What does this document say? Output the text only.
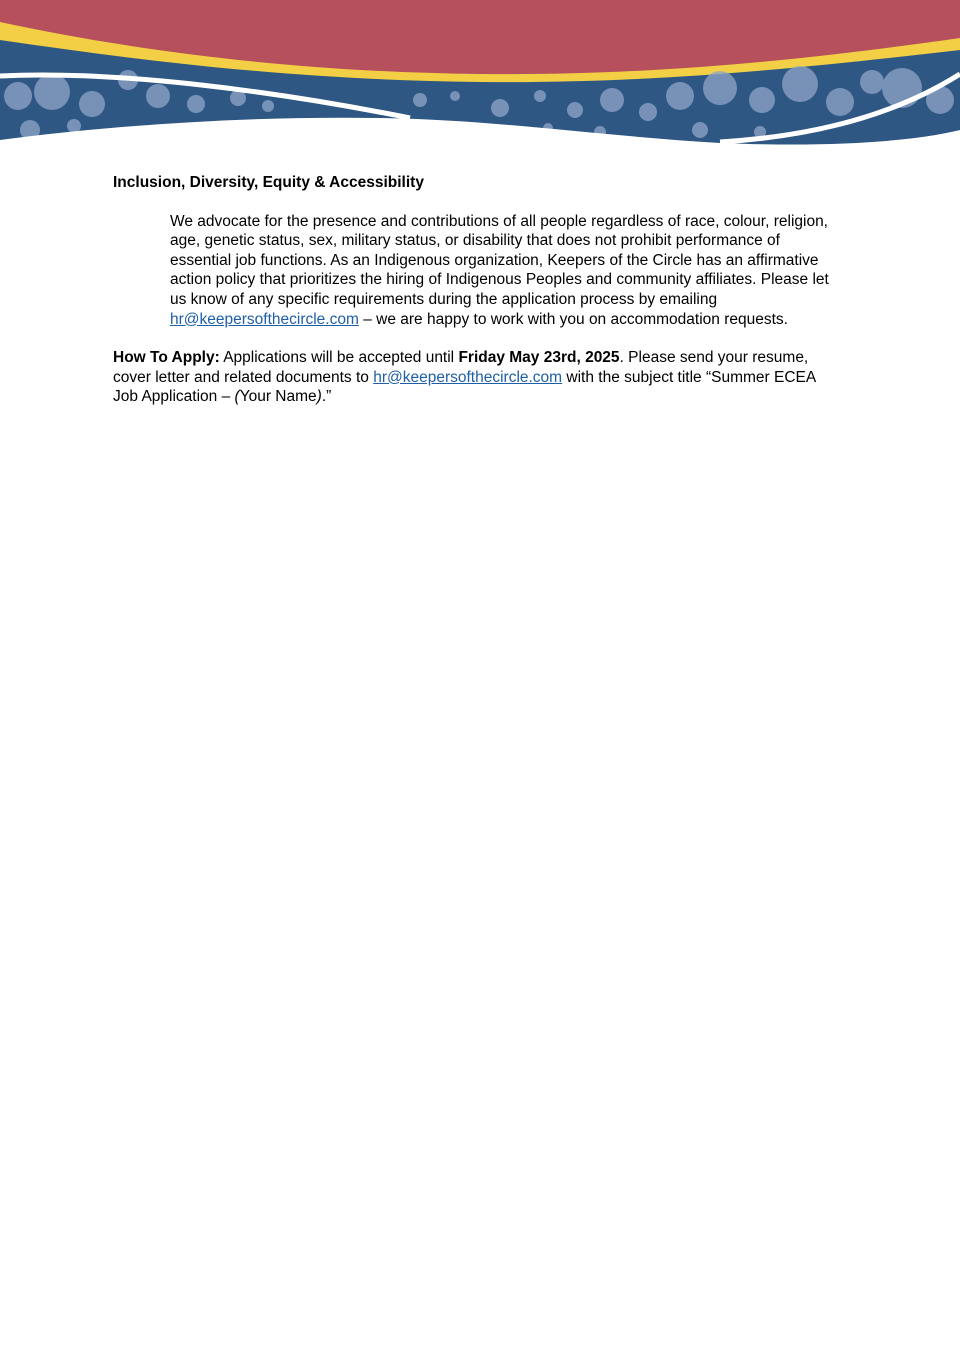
Inclusion, Diversity, Equity & Accessibility

We advocate for the presence and contributions of all people regardless of race, colour, religion, age, genetic status, sex, military status, or disability that does not prohibit performance of essential job functions. As an Indigenous organization, Keepers of the Circle has an affirmative action policy that prioritizes the hiring of Indigenous Peoples and community affiliates. Please let us know of any specific requirements during the application process by emailing
hr@keepersofthecircle.com – we are happy to work with you on accommodation requests.

How To Apply: Applications will be accepted until Friday May 23rd, 2025. Please send your resume, cover letter and related documents to hr@keepersofthecircle.com with the subject title “Summer ECEA Job Application – (Your Name).”
